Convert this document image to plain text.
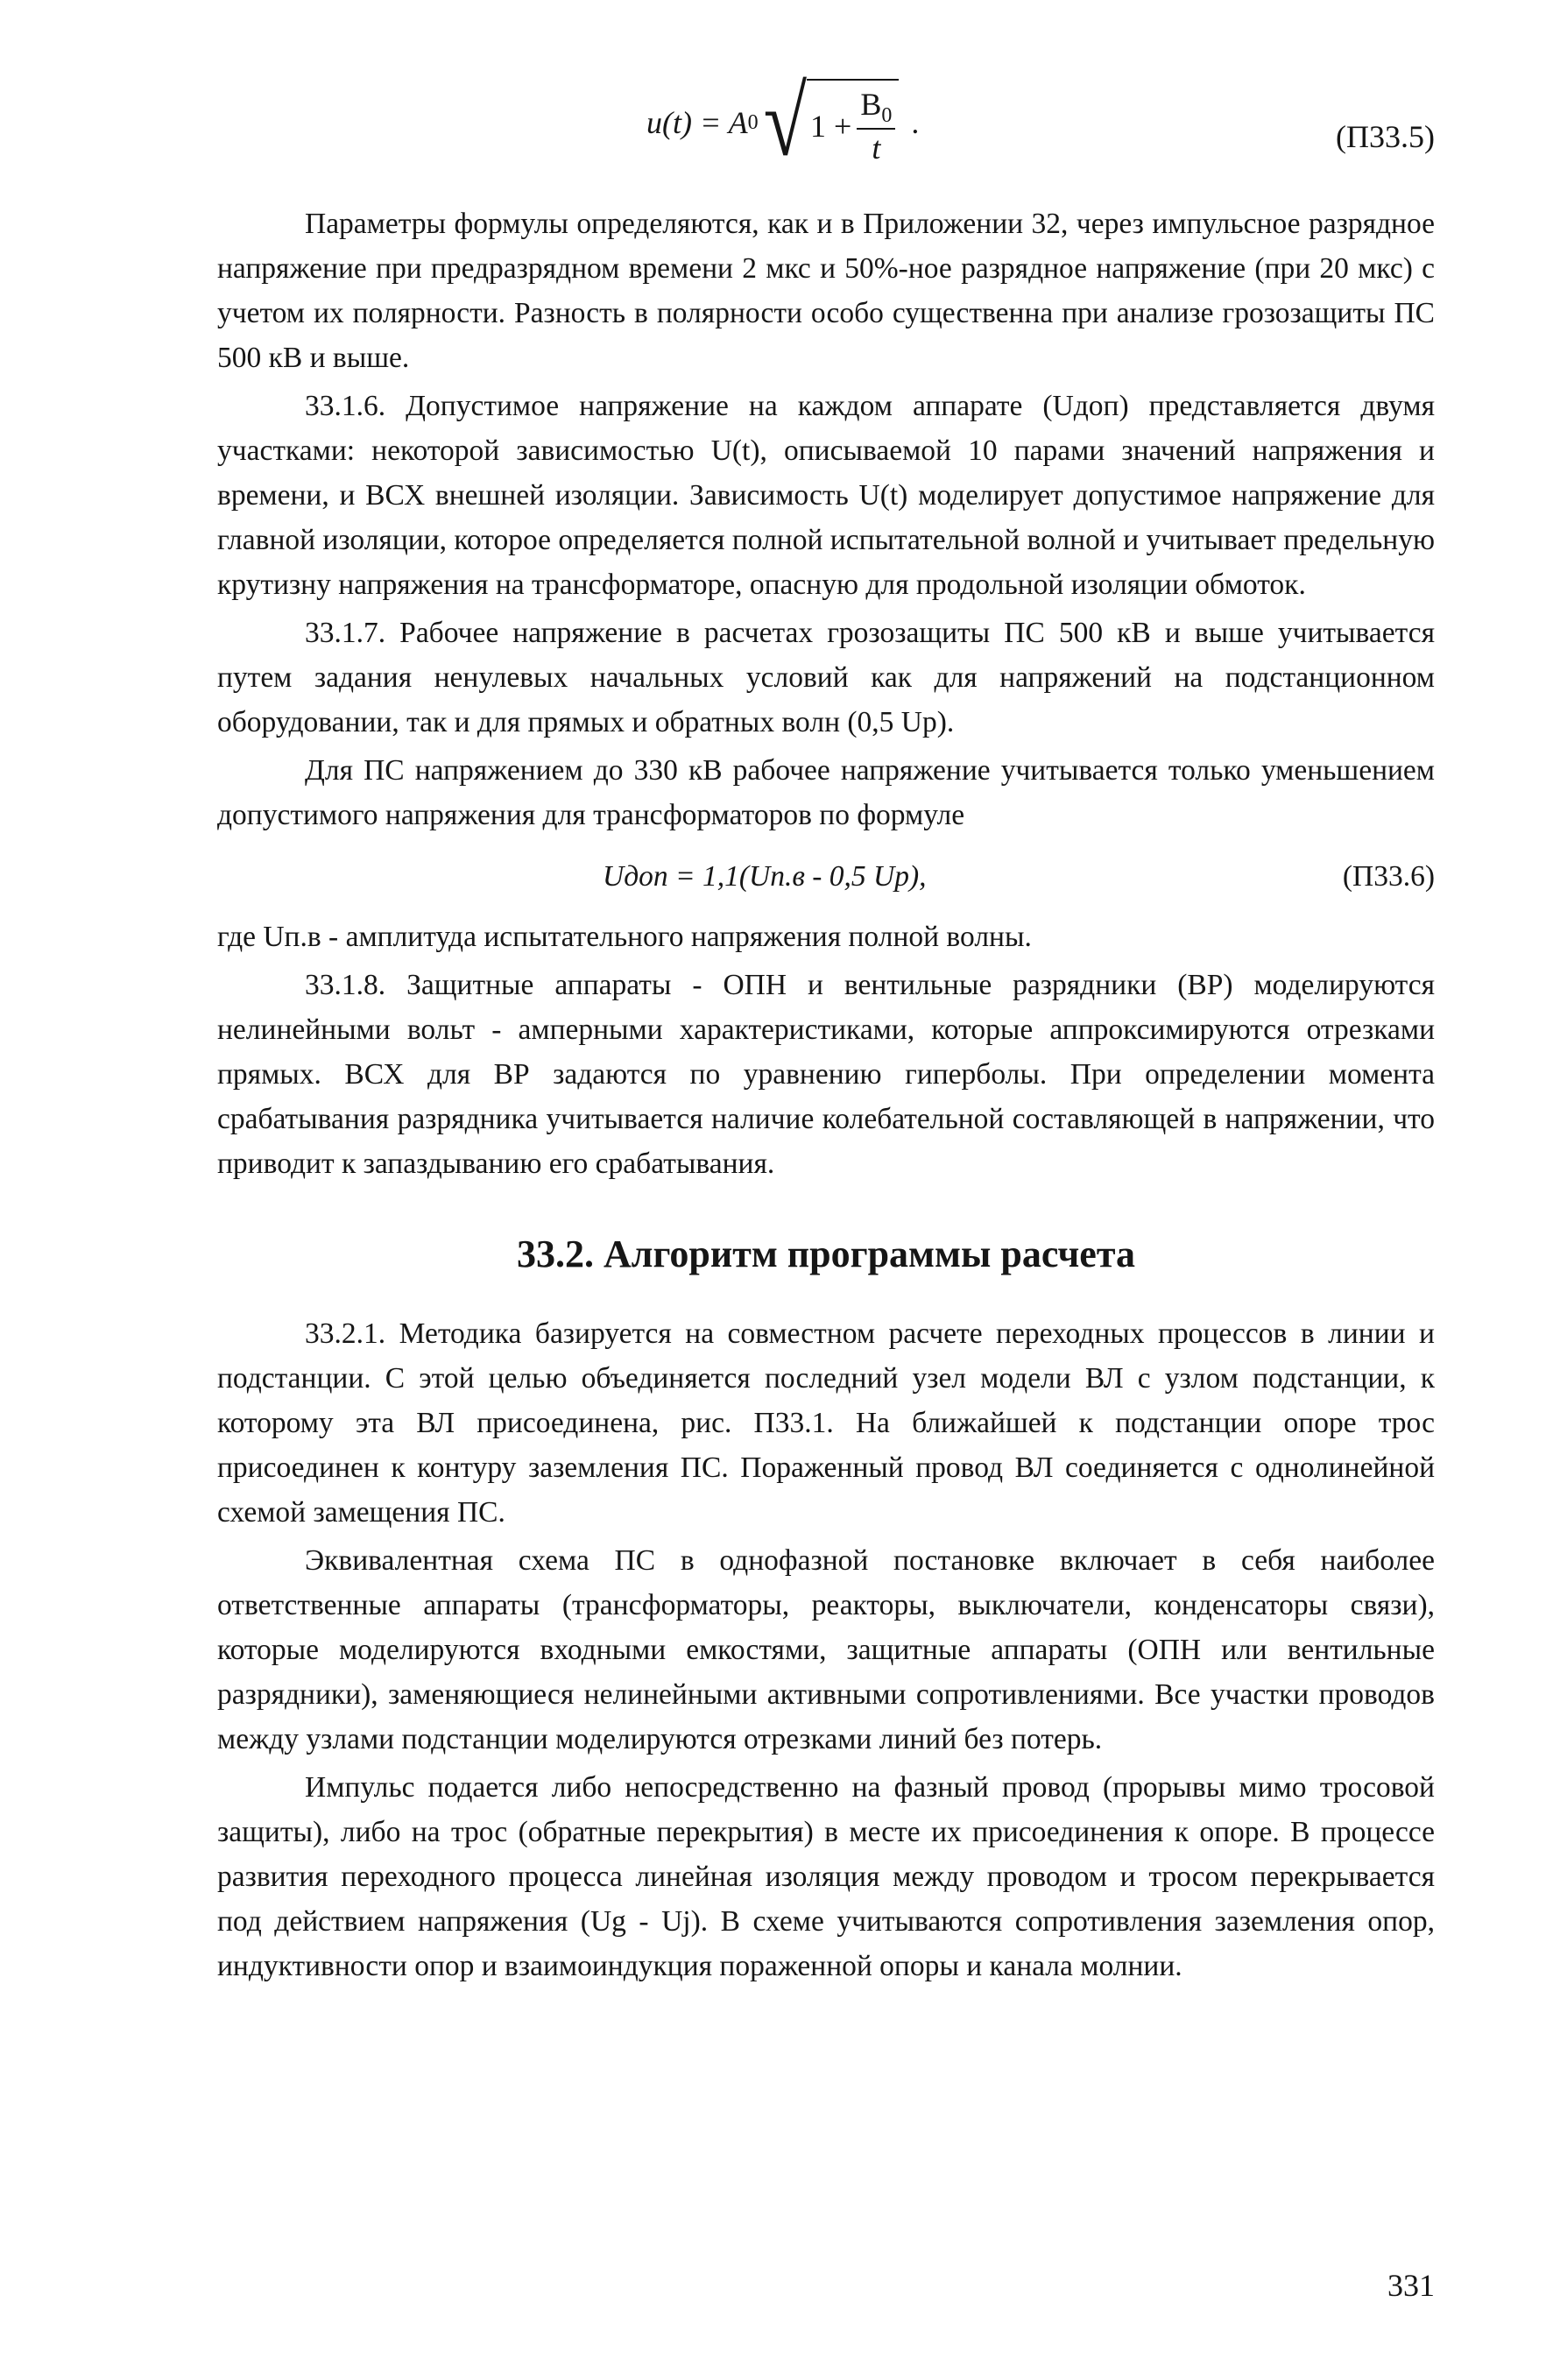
u(t) = A 0 √ $1 + \frac{B_0}{t}$ .	(П33.5)

Параметры формулы определяются, как и в Приложении 32, через импульсное разрядное напряжение при предразрядном времени 2 мкс и 50%-ное разрядное напряжение (при 20 мкс) с учетом их полярности. Разность в полярности особо существенна при анализе грозозащиты ПС 500 кВ и выше.

33.1.6. Допустимое напряжение на каждом аппарате (Uдоп) представляется двумя участками: некоторой зависимостью U(t), описываемой 10 парами значений напряжения и времени, и ВСХ внешней изоляции. Зависимость U(t) моделирует допустимое напряжение для главной изоляции, которое определяется полной испытательной волной и учитывает предельную крутизну напряжения на трансформаторе, опасную для продольной изоляции обмоток.

33.1.7. Рабочее напряжение в расчетах грозозащиты ПС 500 кВ и выше учитывается путем задания ненулевых начальных условий как для напряжений на подстанционном оборудовании, так и для прямых и обратных волн (0,5 Uр).

Для ПС напряжением до 330 кВ рабочее напряжение учитывается только уменьшением допустимого напряжения для трансформаторов по формуле

Uдоп = 1,1(Uп.в - 0,5 Uр),	(П33.6)

где Uп.в - амплитуда испытательного напряжения полной волны.

33.1.8. Защитные аппараты - ОПН и вентильные разрядники (ВР) моделируются нелинейными вольт - амперными характеристиками, которые аппроксимируются отрезками прямых. ВСХ для ВР задаются по уравнению гиперболы. При определении момента срабатывания разрядника учитывается наличие колебательной составляющей в напряжении, что приводит к запаздыванию его срабатывания.

33.2. Алгоритм программы расчета

33.2.1. Методика базируется на совместном расчете переходных процессов в линии и подстанции. С этой целью объединяется последний узел модели ВЛ с узлом подстанции, к которому эта ВЛ присоединена, рис. П33.1. На ближайшей к подстанции опоре трос присоединен к контуру заземления ПС. Пораженный провод ВЛ соединяется с однолинейной схемой замещения ПС.

Эквивалентная схема ПС в однофазной постановке включает в себя наиболее ответственные аппараты (трансформаторы, реакторы, выключатели, конденсаторы связи), которые моделируются входными емкостями, защитные аппараты (ОПН или вентильные разрядники), заменяющиеся нелинейными активными сопротивлениями. Все участки проводов между узлами подстанции моделируются отрезками линий без потерь.

Импульс подается либо непосредственно на фазный провод (прорывы мимо тросовой защиты), либо на трос (обратные перекрытия) в месте их присоединения к опоре. В процессе развития переходного процесса линейная изоляция между проводом и тросом перекрывается под действием напряжения (Ug - Uj). В схеме учитываются сопротивления заземления опор, индуктивности опор и взаимоиндукция пораженной опоры и канала молнии.

331
